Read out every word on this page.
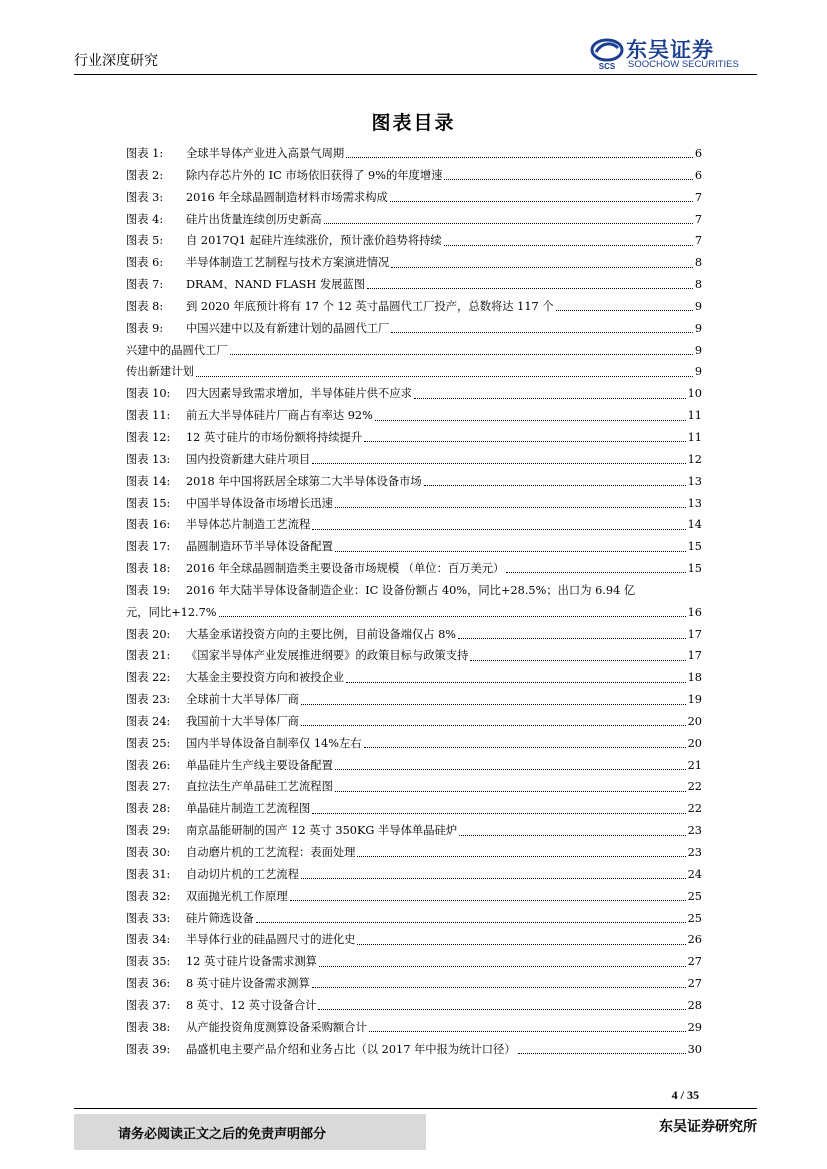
行业深度研究	SCS
东吴证券
SOOCHOW SECURITIES
图表目录
图表 1:	全球半导体产业进入高景气周期	6
图表 2:	除内存芯片外的 IC 市场依旧获得了 9%的年度增速	6
图表 3:	2016 年全球晶圆制造材料市场需求构成	7
图表 4:	硅片出货量连续创历史新高	7
图表 5:	自 2017Q1 起硅片连续涨价，预计涨价趋势将持续	7
图表 6:	半导体制造工艺制程与技术方案演进情况	8
图表 7:	DRAM、NAND FLASH 发展蓝图	8
图表 8:	到 2020 年底预计将有 17 个 12 英寸晶圆代工厂投产，总数将达 117 个	9
图表 9:	中国兴建中以及有新建计划的晶圆代工厂	9
兴建中的晶圆代工厂	9
传出新建计划	9
图表 10:	四大因素导致需求增加，半导体硅片供不应求	10
图表 11:	前五大半导体硅片厂商占有率达 92%	11
图表 12:	12 英寸硅片的市场份额将持续提升	11
图表 13:	国内投资新建大硅片项目	12
图表 14:	2018 年中国将跃居全球第二大半导体设备市场	13
图表 15:	中国半导体设备市场增长迅速	13
图表 16:	半导体芯片制造工艺流程	14
图表 17:	晶圆制造环节半导体设备配置	15
图表 18:	2016 年全球晶圆制造类主要设备市场规模 （单位：百万美元）	15
图表 19:	2016 年大陆半导体设备制造企业：IC 设备份额占 40%，同比+28.5%；出口为 6.94 亿
元，同比+12.7%	16
图表 20:	大基金承诺投资方向的主要比例，目前设备端仅占 8%	17
图表 21:	《国家半导体产业发展推进纲要》的政策目标与政策支持	17
图表 22:	大基金主要投资方向和被投企业	18
图表 23:	全球前十大半导体厂商	19
图表 24:	我国前十大半导体厂商	20
图表 25:	国内半导体设备自制率仅 14%左右	20
图表 26:	单晶硅片生产线主要设备配置	21
图表 27:	直拉法生产单晶硅工艺流程图	22
图表 28:	单晶硅片制造工艺流程图	22
图表 29:	南京晶能研制的国产 12 英寸 350KG 半导体单晶硅炉	23
图表 30:	自动磨片机的工艺流程：表面处理	23
图表 31:	自动切片机的工艺流程	24
图表 32:	双面抛光机工作原理	25
图表 33:	硅片筛选设备	25
图表 34:	半导体行业的硅晶圆尺寸的进化史	26
图表 35:	12 英寸硅片设备需求测算	27
图表 36:	8 英寸硅片设备需求测算	27
图表 37:	8 英寸、12 英寸设备合计	28
图表 38:	从产能投资角度测算设备采购额合计	29
图表 39:	晶盛机电主要产品介绍和业务占比（以 2017 年中报为统计口径）	30
4 / 35
请务必阅读正文之后的免责声明部分	东吴证券研究所
